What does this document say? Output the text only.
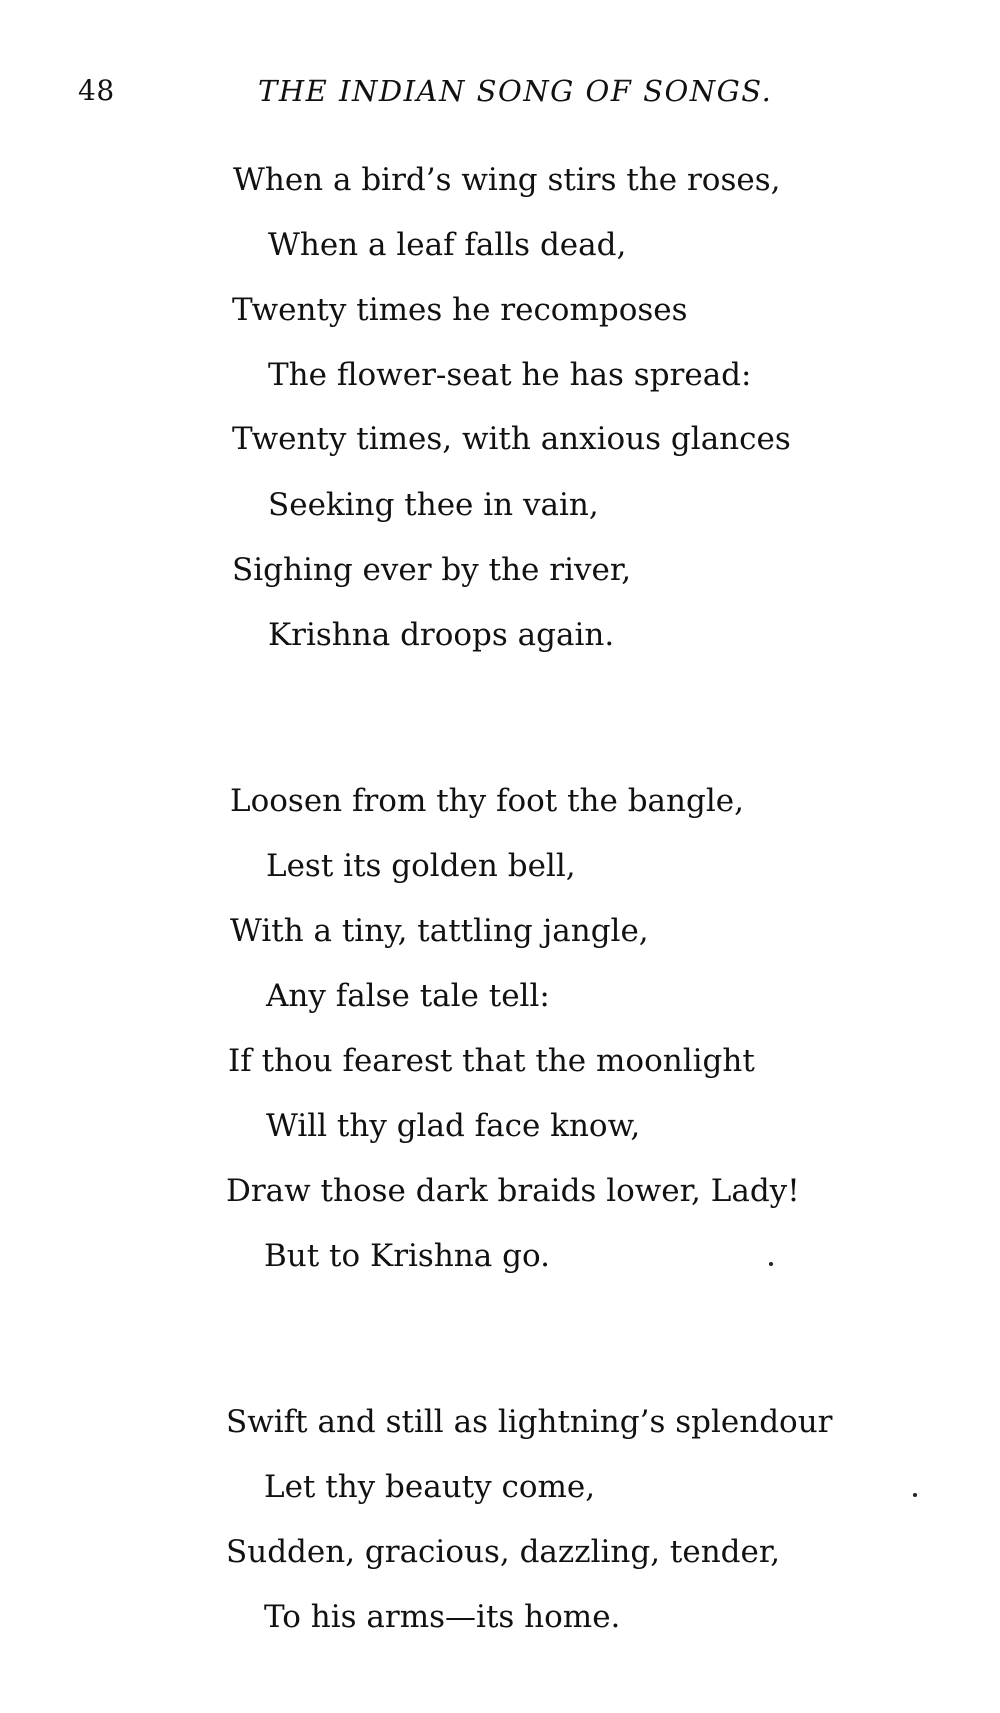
48	THE INDIAN SONG OF SONGS.
When a bird’s wing stirs the roses,
When a leaf falls dead,
Twenty times he recomposes
The flower-seat he has spread:
Twenty times, with anxious glances
Seeking thee in vain,
Sighing ever by the river,
Krishna droops again.
Loosen from thy foot the bangle,
Lest its golden bell,
With a tiny, tattling jangle,
Any false tale tell:
If thou fearest that the moonlight
Will thy glad face know,
Draw those dark braids lower, Lady!
But to Krishna go.
Swift and still as lightning’s splendour
Let thy beauty come,
Sudden, gracious, dazzling, tender,
To his arms—its home.
